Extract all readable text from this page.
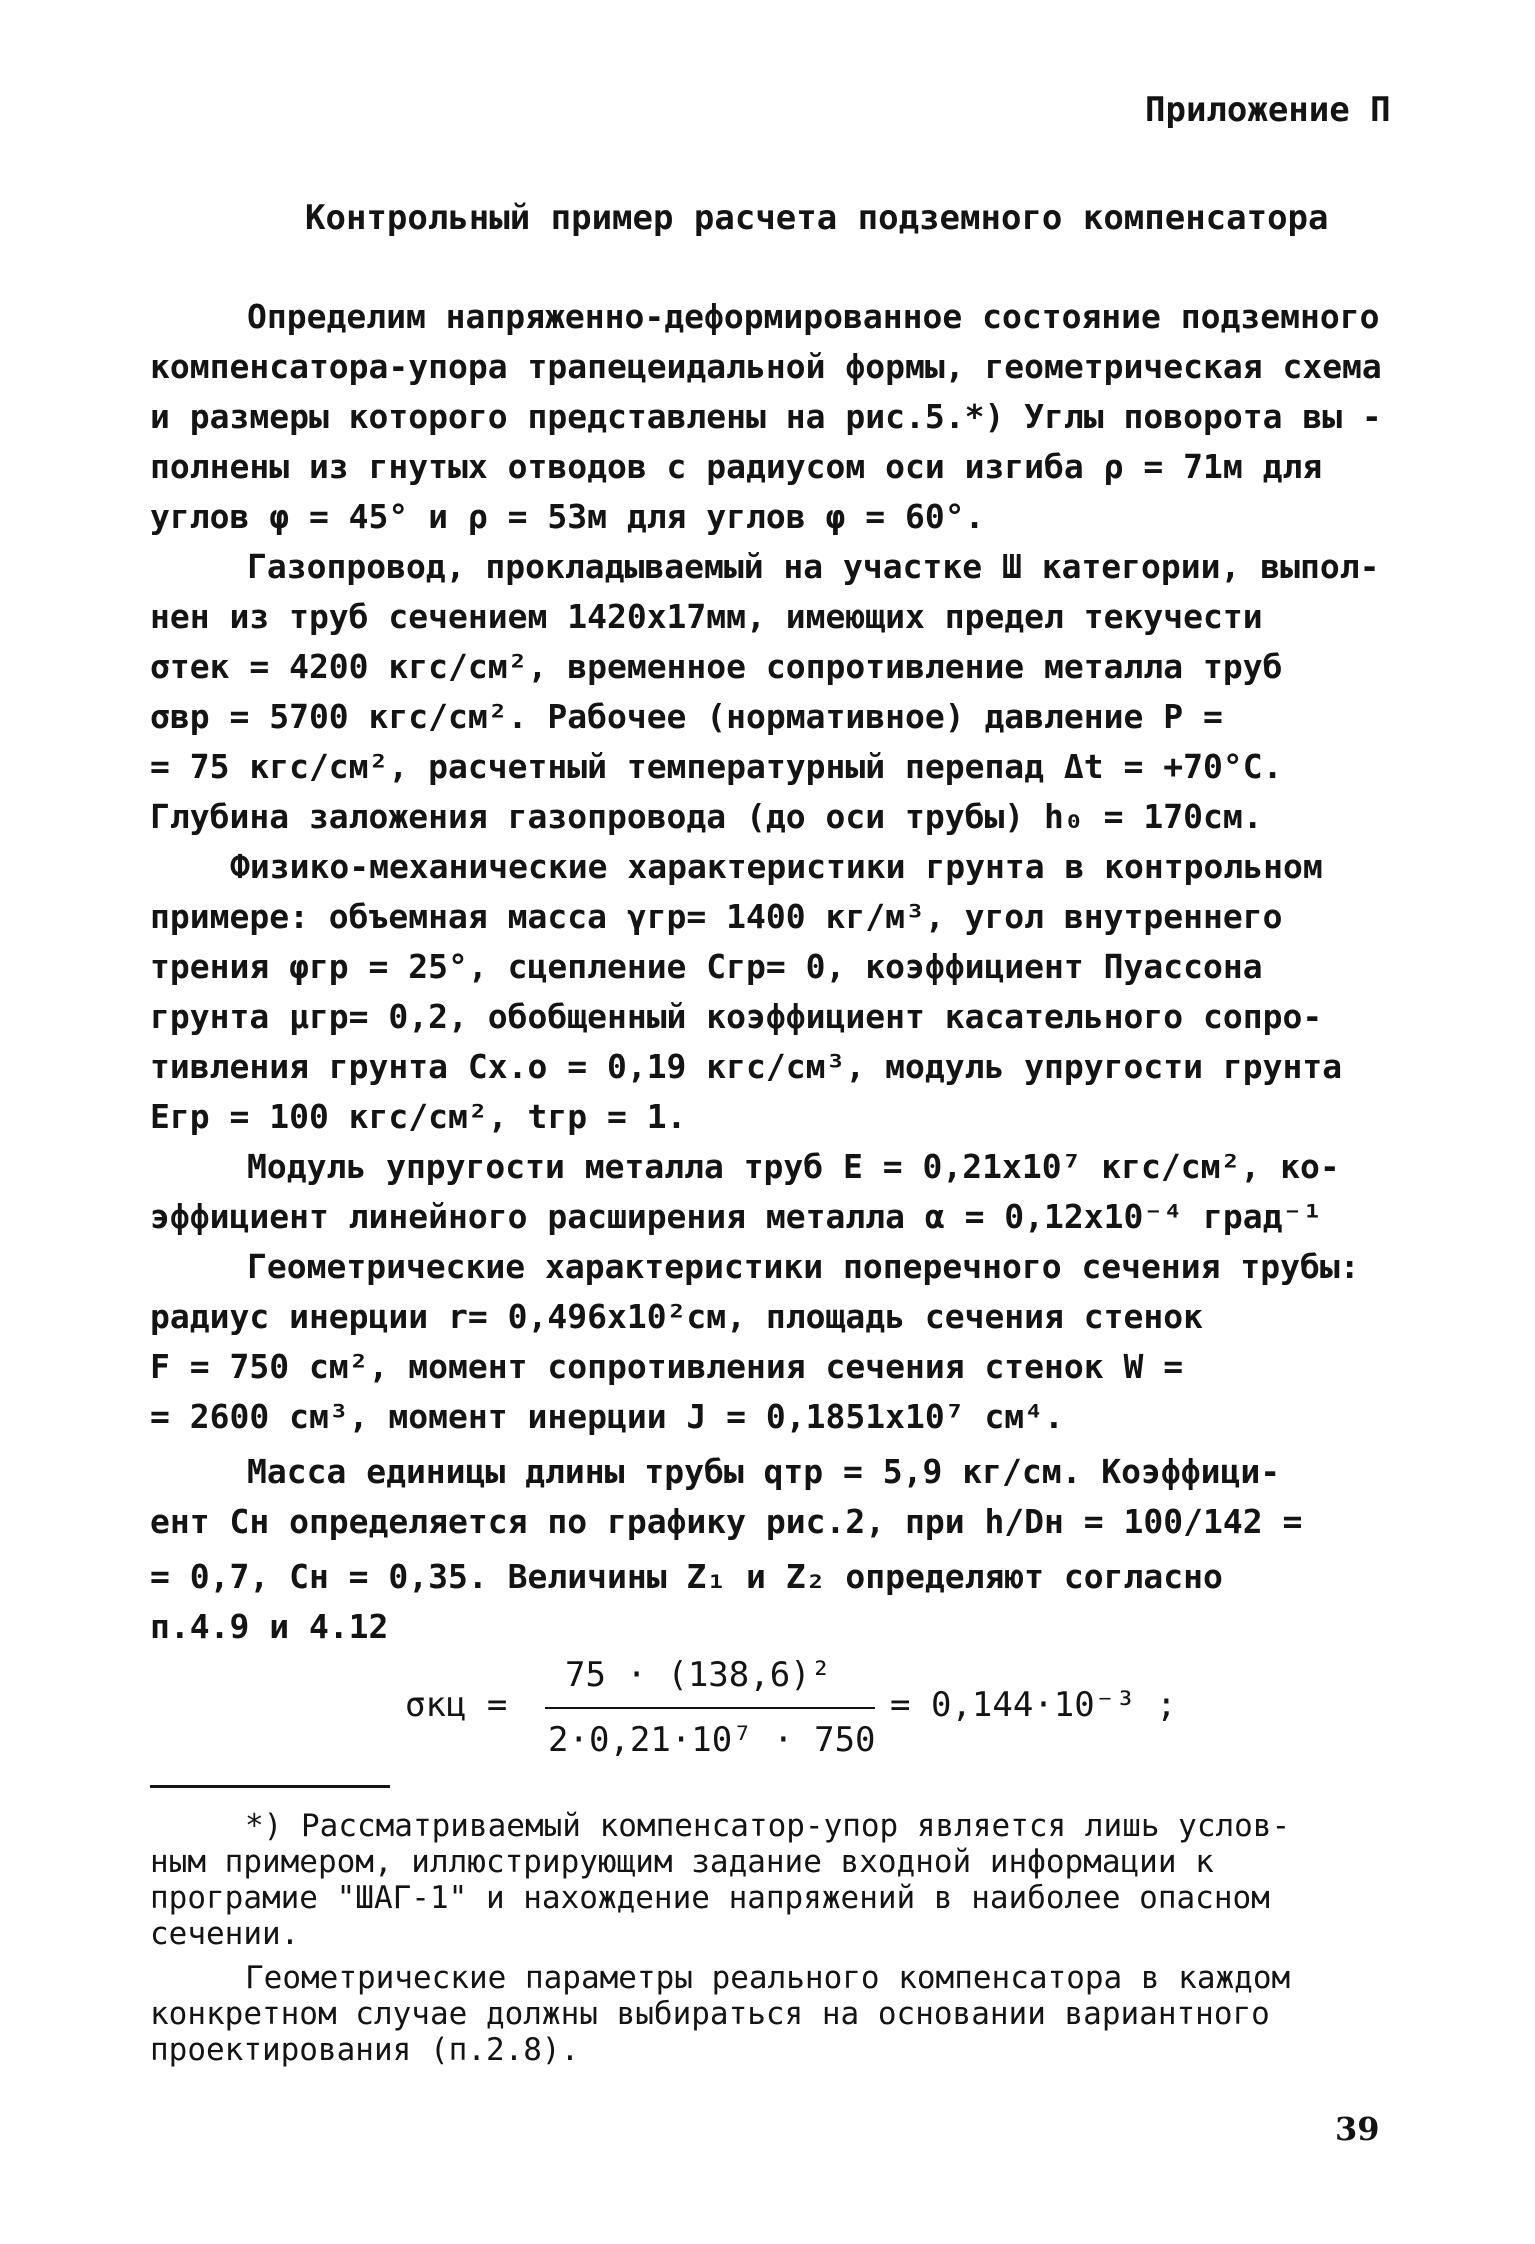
Приложение П
Контрольный пример расчета подземного компенсатора
Определим напряженно-деформированное состояние подземного
компенсатора-упора трапецеидальной формы, геометрическая схема
и размеры которого представлены на рис.5.*) Углы поворота вы -
полнены из гнутых отводов с радиусом оси изгиба ρ = 71м для
углов φ = 45° и ρ = 53м для углов φ = 60°.
Газопровод, прокладываемый на участке Ш категории, выпол-
нен из труб сечением 1420х17мм, имеющих предел текучести
σтек = 4200 кгс/см², временное сопротивление металла труб
σвр = 5700 кгс/см². Рабочее (нормативное) давление P =
= 75 кгс/см², расчетный температурный перепад Δt = +70°С.
Глубина заложения газопровода (до оси трубы) h₀ = 170см.
Физико-механические характеристики грунта в контрольном
примере: объемная масса γгр= 1400 кг/м³, угол внутреннего
трения φгр = 25°, сцепление Cгр= 0, коэффициент Пуассона
грунта μгр= 0,2, обобщенный коэффициент касательного сопро-
тивления грунта Cх.о = 0,19 кгс/см³, модуль упругости грунта
Eгр = 100 кгс/см², tгр = 1.
Модуль упругости металла труб E = 0,21х10⁷ кгс/см², ко-
эффициент линейного расширения металла α = 0,12х10⁻⁴ град⁻¹
Геометрические характеристики поперечного сечения трубы:
радиус инерции r= 0,496х10²см, площадь сечения стенок
F = 750 см², момент сопротивления сечения стенок W =
= 2600 см³, момент инерции J = 0,1851х10⁷ см⁴.
Масса единицы длины трубы qтр = 5,9 кг/см. Коэффици-
ент Cн определяется по графику рис.2, при h/Dн = 100/142 =
= 0,7, Cн = 0,35. Величины Z₁ и Z₂ определяют согласно
п.4.9 и 4.12
σкц =
75 · (138,6)²
2·0,21·10⁷ · 750
= 0,144·10⁻³ ;
*) Рассматриваемый компенсатор-упор является лишь услов-
ным примером, иллюстрирующим задание входной информации к
програмие "ШАГ-1" и нахождение напряжений в наиболее опасном
сечении.
Геометрические параметры реального компенсатора в каждом
конкретном случае должны выбираться на основании вариантного
проектирования (п.2.8).
39
